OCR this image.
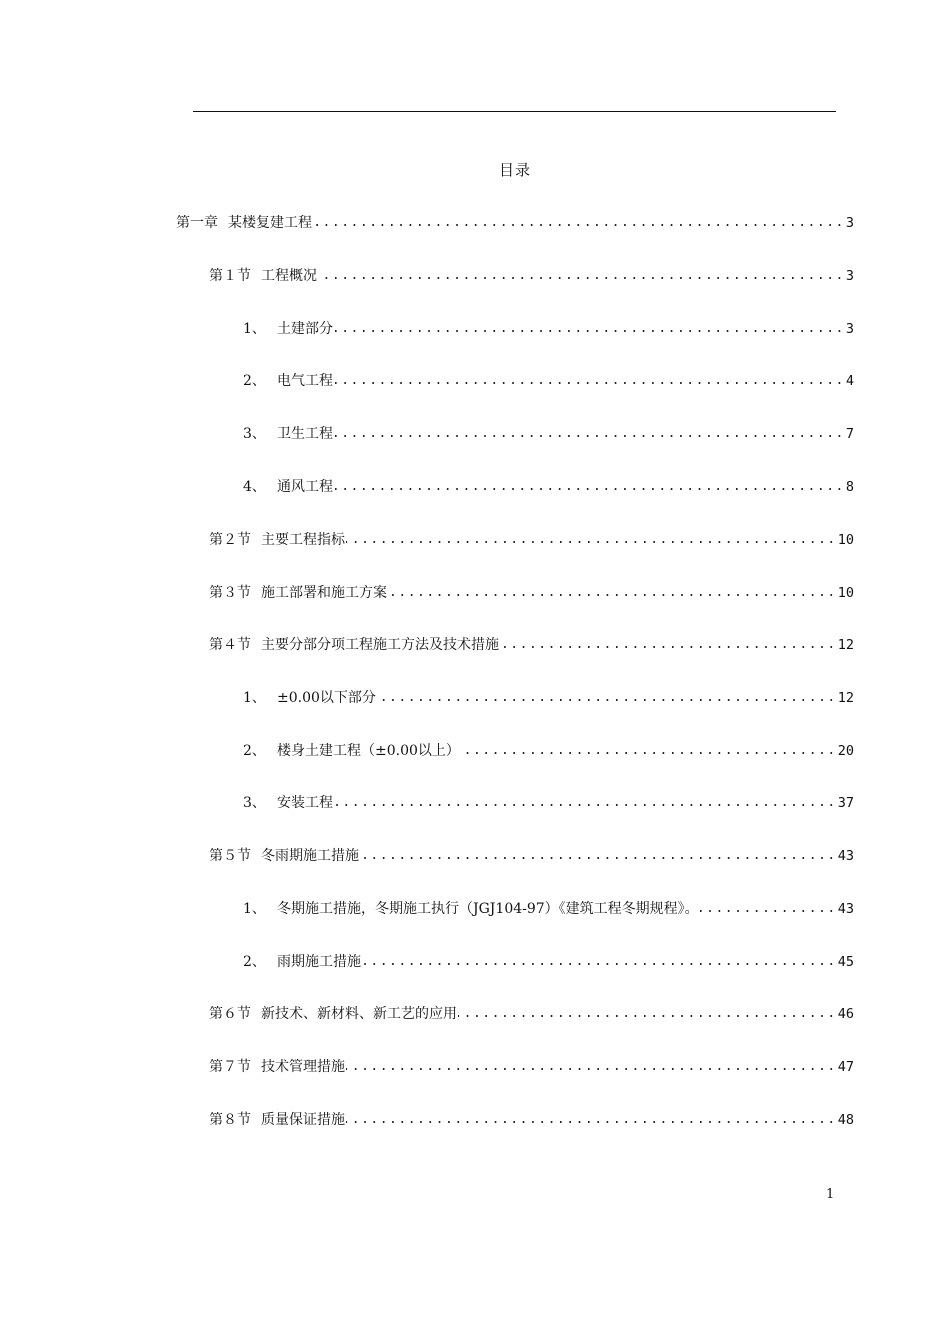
目录
第一章 某楼复建工程 .....	3
第１节 工程概况 .....	3
1、 土建部分 .....	3
2、 电气工程 .....	4
3、 卫生工程 .....	7
4、 通风工程 .....	8
第２节 主要工程指标 .....	10
第３节 施工部署和施工方案 .....	10
第４节 主要分部分项工程施工方法及技术措施 .....	12
1、 ±0.00以下部分 .....	12
2、 楼身土建工程（±0.00以上） .....	20
3、 安装工程 .....	37
第５节 冬雨期施工措施 .....	43
1、 冬期施工措施，冬期施工执行（JGJ104-97）《建筑工程冬期规程》。 .....	43
2、 雨期施工措施 .....	45
第６节 新技术、新材料、新工艺的应用 .....	46
第７节 技术管理措施 .....	47
第８节 质量保证措施 .....	48
1
